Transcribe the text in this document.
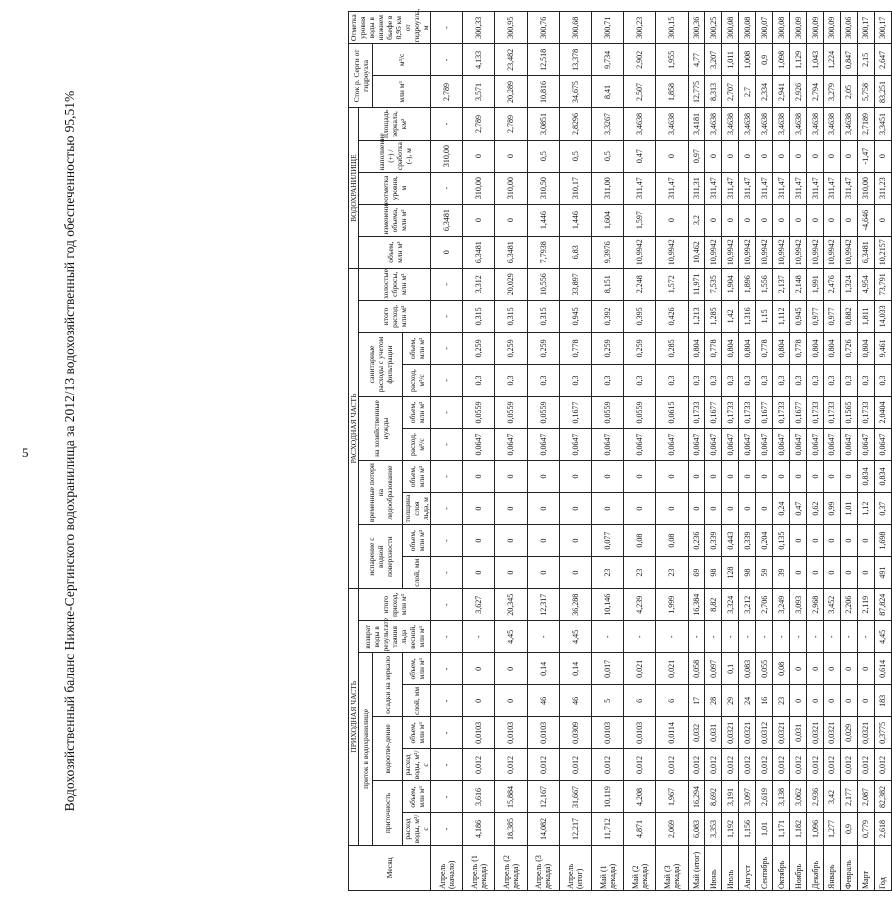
5 Водохозяйственный баланс Нижне-Сергинского водохранилища за 2012/13 водохозяйственный год обеспеченностью 95,51%
Месяц	ПРИХОДНАЯ ЧАСТЬ								РАСХОДНАЯ ЧАСТЬ										ВОДОХРАНИЛИЩЕ					Сток р. Серги от гидроузла		Отметка уровня воды в нижнем бьефе в 0,95 км от гидроузла, м
	приток в водохранилище						возврат воды в результате таяния льда весной, млн м³	итого приход, млн м³	испарение с водной поверхности		временные потери на ледообразование		на хозяйственные нужды		санитарные расходы с учетом фильтрации		итого расход, млн м³	холостые сбросы, млн м³	объем, млн м³	изменение объема, млн м³	отметка уровня, м	наполнение (+) / сработка (-), м	площадь зеркала, км²			
	приточность		водоотве-дение		осадки на зеркало																			млн м³	м³/с	
	расход воды, м³/с	объем, млн м³	расход воды, м³/с	объем, млн м³	слой, мм	объем, млн м³			слой, мм	объем, млн м³	толщина слоя льда, м	объем, млн м³	расход, м³/с	объем, млн м³	расход, м³/с	объем, млн м³										
Апрель (начало)	-	-	-	-	-	-	-	-	-	-	-	-	-	-	-	-	-	-	0	6,3481	-	310,00	-	2,789	-	-
Апрель (1 декада)	4,186	3,616	0,012	0,0103	0	0	-	3,627	0	0	0	0	0,0647	0,0559	0,3	0,259	0,315	3,312	6,3481	0	310,00	0	2,789	3,571	4,133	300,33
Апрель (2 декада)	18,385	15,884	0,012	0,0103	0	0	4,45	20,345	0	0	0	0	0,0647	0,0559	0,3	0,259	0,315	20,029	6,3481	0	310,00	0	2,789	20,289	23,482	300,95
Апрель (3 декада)	14,082	12,167	0,012	0,0103	46	0,14	-	12,317	0	0	0	0	0,0647	0,0559	0,3	0,259	0,315	10,556	7,7938	1,446	310,50	0,5	3,0851	10,816	12,518	300,76
Апрель (итог)	12,217	31,667	0,012	0,0309	46	0,14	4,45	36,288	0	0	0	0	0,0647	0,1677	0,3	0,778	0,945	33,897	6,83	1,446	310,17	0,5	2,8296	34,675	13,378	300,68
Май (1 декада)	11,712	10,119	0,012	0,0103	5	0,017	-	10,146	23	0,077	0	0	0,0647	0,0559	0,3	0,259	0,392	8,151	9,3976	1,604	311,00	0,5	3,3267	8,41	9,734	300,71
Май (2 декада)	4,871	4,208	0,012	0,0103	6	0,021	-	4,239	23	0,08	0	0	0,0647	0,0559	0,3	0,259	0,395	2,248	10,9942	1,597	311,47	0,47	3,4638	2,507	2,902	300,23
Май (3 декада)	2,069	1,967	0,012	0,0114	6	0,021	-	1,999	23	0,08	0	0	0,0647	0,0615	0,3	0,285	0,426	1,572	10,9942	0	311,47	0	3,4638	1,858	1,955	300,15
Май (итог)	6,083	16,294	0,012	0,032	17	0,058	-	16,384	69	0,236	0	0	0,0647	0,1733	0,3	0,804	1,213	11,971	10,462	3,2	311,31	0,97	3,4181	12,775	4,77	300,36
Июнь	3,353	8,692	0,012	0,031	28	0,097	-	8,82	98	0,339	0	0	0,0647	0,1677	0,3	0,778	1,285	7,535	10,9942	0	311,47	0	3,4638	8,313	3,207	300,25
Июль	1,192	3,191	0,012	0,0321	29	0,1	-	3,324	128	0,443	0	0	0,0647	0,1733	0,3	0,804	1,42	1,904	10,9942	0	311,47	0	3,4638	2,707	1,011	300,08
Август	1,156	3,097	0,012	0,0321	24	0,083	-	3,212	98	0,339	0	0	0,0647	0,1733	0,3	0,804	1,316	1,896	10,9942	0	311,47	0	3,4638	2,7	1,008	300,08
Сентябрь	1,01	2,619	0,012	0,0312	16	0,055	-	2,706	59	0,204	0	0	0,0647	0,1677	0,3	0,778	1,15	1,556	10,9942	0	311,47	0	3,4638	2,334	0,9	300,07
Октябрь	1,171	3,138	0,012	0,0321	23	0,08	-	3,249	39	0,135	0,24	0	0,0647	0,1733	0,3	0,804	1,112	2,137	10,9942	0	311,47	0	3,4638	2,941	1,098	300,08
Ноябрь	1,182	3,062	0,012	0,031	0	0	-	3,093	0	0	0,47	0	0,0647	0,1677	0,3	0,778	0,945	2,148	10,9942	0	311,47	0	3,4638	2,926	1,129	300,09
Декабрь	1,096	2,936	0,012	0,0321	0	0	-	2,968	0	0	0,62	0	0,0647	0,1733	0,3	0,804	0,977	1,991	10,9942	0	311,47	0	3,4638	2,794	1,043	300,09
Январь	1,277	3,42	0,012	0,0321	0	0	-	3,452	0	0	0,99	0	0,0647	0,1733	0,3	0,804	0,977	2,476	10,9942	0	311,47	0	3,4638	3,279	1,224	300,09
Февраль	0,9	2,177	0,012	0,029	0	0	-	2,206	0	0	1,01	0	0,0647	0,1565	0,3	0,726	0,882	1,324	10,9942	0	311,47	0	3,4638	2,05	0,847	300,06
Март	0,779	2,087	0,012	0,0321	0	0	-	2,119	0	0	1,12	0,834	0,0647	0,1733	0,3	0,804	1,811	4,954	6,3481	-4,646	310,00	-1,47	2,7189	5,758	2,15	300,17
Год	2,618	82,382	0,012	0,3775	183	0,614	4,45	87,824	491	1,698	0,37	0,834	0,0647	2,0404	0,3	9,461	14,033	73,791	10,2157	0	311,23	0	3,3451	83,251	2,647	300,17
